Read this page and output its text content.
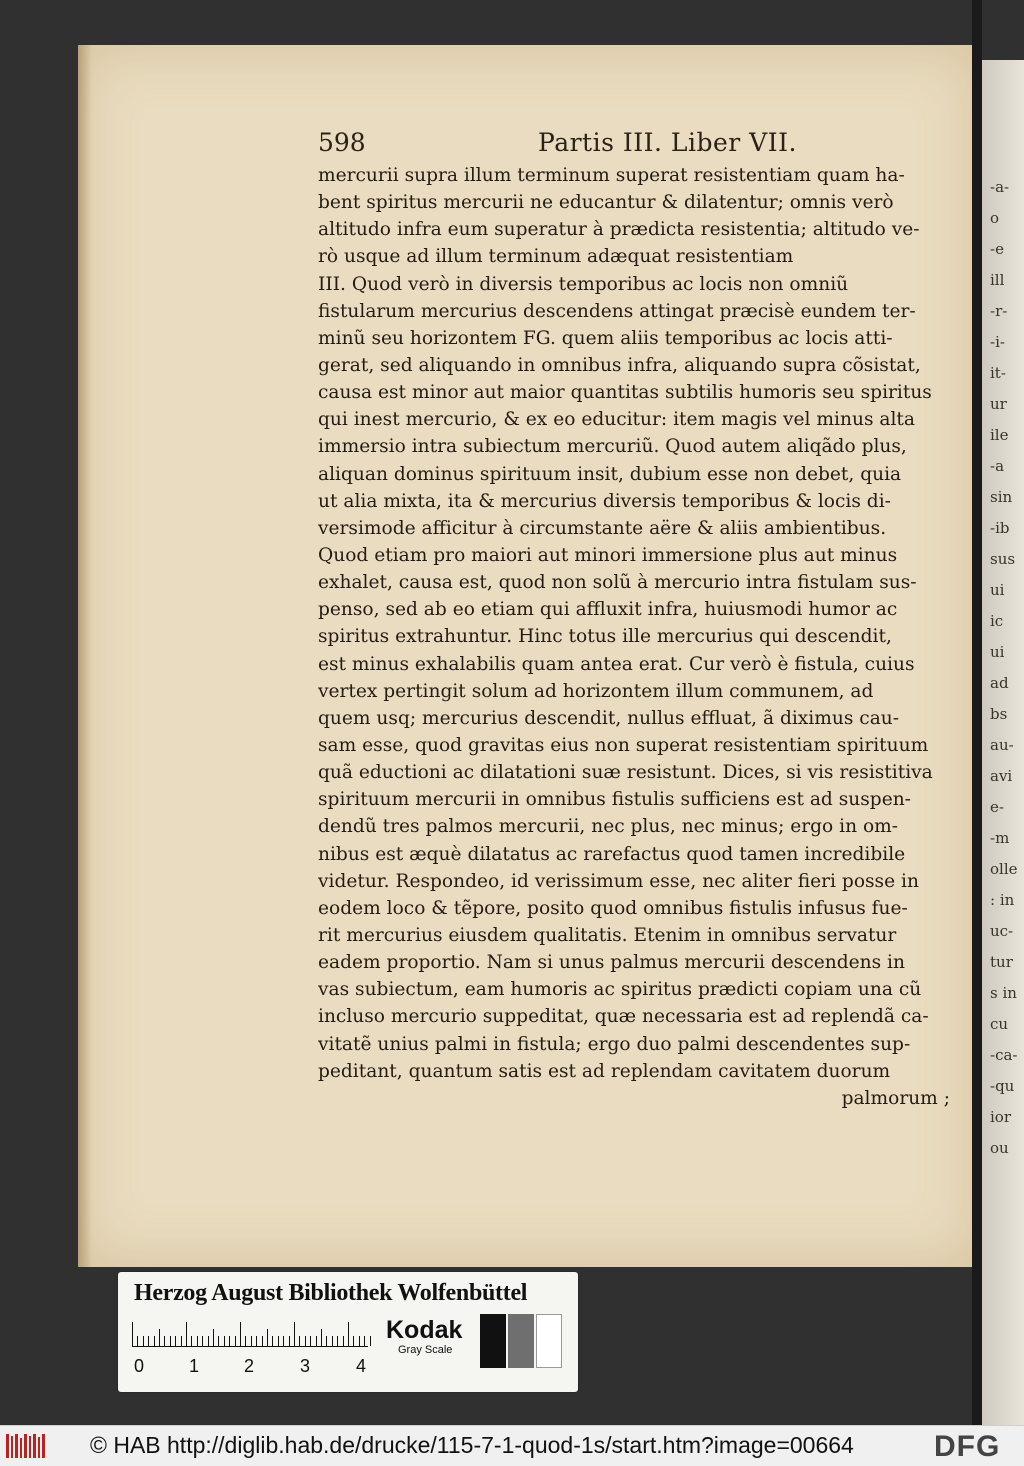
-a-
o
-e
ill
-r-
-i-
it-
ur
ile
-a
sin
-ib
sus
ui
ic
ui
ad
bs
au-
avi
e-
-m
olle
: in
uc-
tur
s in
cu
-ca-
-qu
ior
ou
598	Partis III. Liber VII.
mercurii supra illum terminum superat resistentiam quam ha-
bent spiritus mercurii ne educantur & dilatentur; omnis verò
altitudo infra eum superatur à prædicta resistentia; altitudo ve-
rò usque ad illum terminum adæquat resistentiam
III. Quod verò in diversis temporibus ac locis non omniũ
fistularum mercurius descendens attingat præcisè eundem ter-
minũ seu horizontem FG. quem aliis temporibus ac locis atti-
gerat, sed aliquando in omnibus infra, aliquando supra cõsistat,
causa est minor aut maior quantitas subtilis humoris seu spiritus
qui inest mercurio, & ex eo educitur: item magis vel minus alta
immersio intra subiectum mercuriũ. Quod autem aliqãdo plus,
aliquan dominus spirituum insit, dubium esse non debet, quia
ut alia mixta, ita & mercurius diversis temporibus & locis di-
versimode afficitur à circumstante aëre & aliis ambientibus.
Quod etiam pro maiori aut minori immersione plus aut minus
exhalet, causa est, quod non solũ à mercurio intra fistulam sus-
penso, sed ab eo etiam qui affluxit infra, huiusmodi humor ac
spiritus extrahuntur. Hinc totus ille mercurius qui descendit,
est minus exhalabilis quam antea erat. Cur verò è fistula, cuius
vertex pertingit solum ad horizontem illum communem, ad
quem usq; mercurius descendit, nullus effluat, ã diximus cau-
sam esse, quod gravitas eius non superat resistentiam spirituum
quã eductioni ac dilatationi suæ resistunt. Dices, si vis resistitiva
spirituum mercurii in omnibus fistulis sufficiens est ad suspen-
dendũ tres palmos mercurii, nec plus, nec minus; ergo in om-
nibus est æquè dilatatus ac rarefactus quod tamen incredibile
videtur. Respondeo, id verissimum esse, nec aliter fieri posse in
eodem loco & tẽpore, posito quod omnibus fistulis infusus fue-
rit mercurius eiusdem qualitatis. Etenim in omnibus servatur
eadem proportio. Nam si unus palmus mercurii descendens in
vas subiectum, eam humoris ac spiritus prædicti copiam una cũ
incluso mercurio suppeditat, quæ necessaria est ad replendã ca-
vitatẽ unius palmi in fistula; ergo duo palmi descendentes sup-
peditant, quantum satis est ad replendam cavitatem duorum
palmorum ;
Herzog August Bibliothek Wolfenbüttel
0 1 2	3	4
Kodak
Gray Scale
© HAB http://diglib.hab.de/drucke/115-7-1-quod-1s/start.htm?image=00664	DFG
